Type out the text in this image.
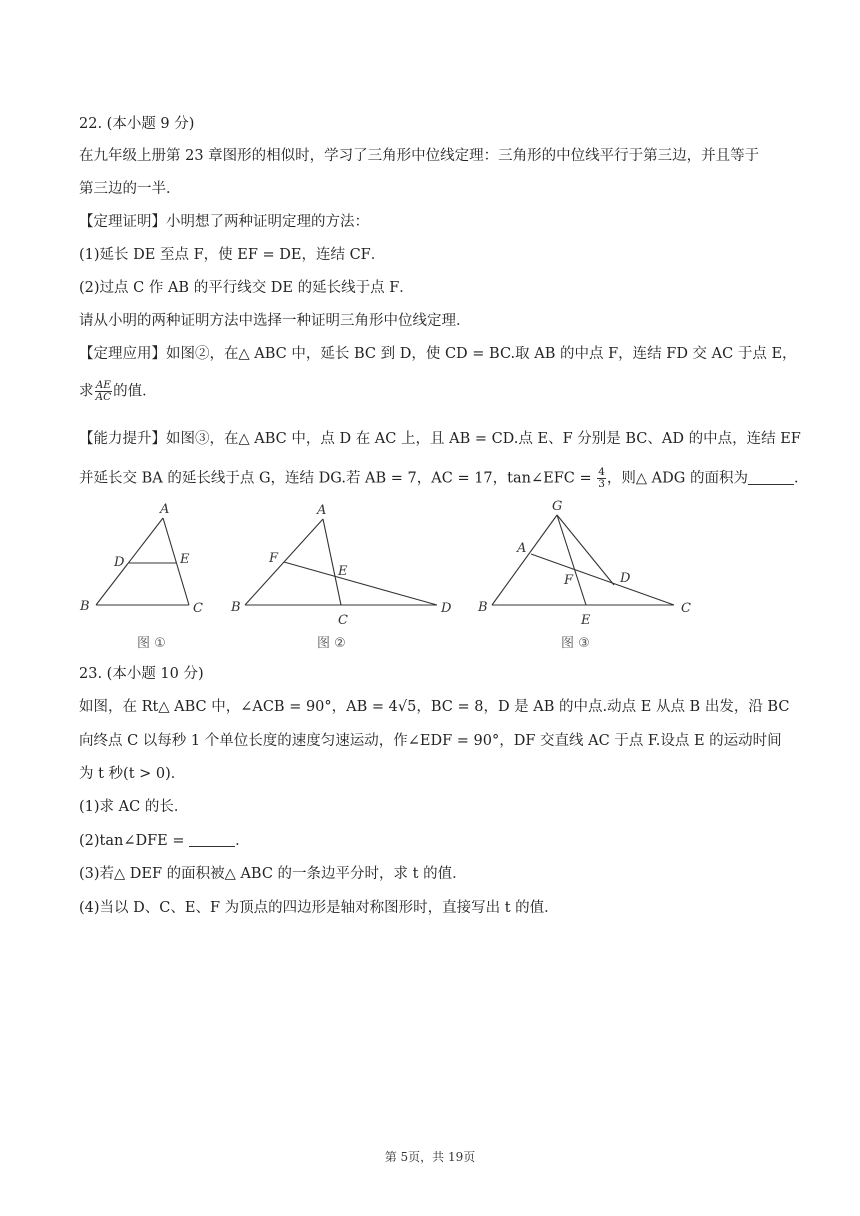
22. (本小题 9 分)
在九年级上册第 23 章图形的相似时，学习了三角形中位线定理：三角形的中位线平行于第三边，并且等于
第三边的一半．
【定理证明】小明想了两种证明定理的方法：
(1)延长 DE 至点 F，使 EF = DE，连结 CF．
(2)过点 C 作 AB 的平行线交 DE 的延长线于点 F．
请从小明的两种证明方法中选择一种证明三角形中位线定理．
【定理应用】如图②，在△ ABC 中，延长 BC 到 D，使 CD = BC.取 AB 的中点 F，连结 FD 交 AC 于点 E，
求 $\frac{AE}{AC}$ 的值．
【能力提升】如图③，在△ ABC 中，点 D 在 AC 上，且 AB = CD.点 E、F 分别是 BC、AD 的中点，连结 EF
并延长交 BA 的延长线于点 G，连结 DG.若 AB = 7，AC = 17，tan∠EFC = $\frac{4}{3}$ ，则△ ADG 的面积为	．
A
B	C
D	E
图 ①
A
B
C
D
E
F
图 ②
G
A
B	C
D
E
F
图 ③
23. (本小题 10 分)
如图，在 Rt△ ABC 中，∠ACB = 90°，AB = 4√5，BC = 8，D 是 AB 的中点.动点 E 从点 B 出发，沿 BC
向终点 C 以每秒 1 个单位长度的速度匀速运动，作∠EDF = 90°，DF 交直线 AC 于点 F.设点 E 的运动时间
为 t 秒(t > 0)．
(1)求 AC 的长．
(2)tan∠DFE =	．
(3)若△ DEF 的面积被△ ABC 的一条边平分时，求 t 的值．
(4)当以 D、C、E、F 为顶点的四边形是轴对称图形时，直接写出 t 的值．
第 5页，共 19页
